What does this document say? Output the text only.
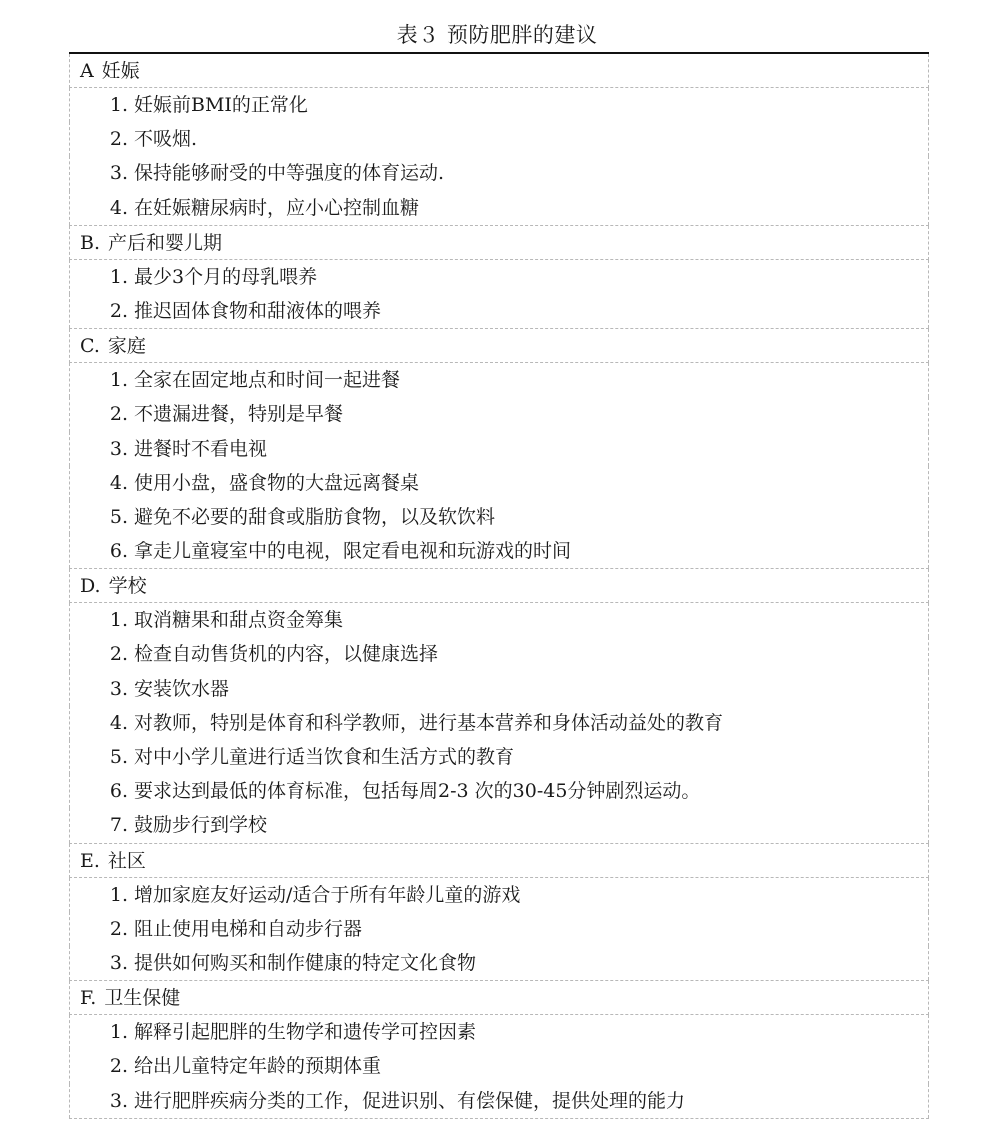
表３ 预防肥胖的建议
A 妊娠
1. 妊娠前BMI的正常化
2. 不吸烟.
3. 保持能够耐受的中等强度的体育运动.
4. 在妊娠糖尿病时，应小心控制血糖
B. 产后和婴儿期
1. 最少3个月的母乳喂养
2. 推迟固体食物和甜液体的喂养
C. 家庭
1. 全家在固定地点和时间一起进餐
2. 不遗漏进餐，特别是早餐
3. 进餐时不看电视
4. 使用小盘，盛食物的大盘远离餐桌
5. 避免不必要的甜食或脂肪食物，以及软饮料
6. 拿走儿童寝室中的电视，限定看电视和玩游戏的时间
D. 学校
1. 取消糖果和甜点资金筹集
2. 检查自动售货机的内容，以健康选择
3. 安装饮水器
4. 对教师，特别是体育和科学教师，进行基本营养和身体活动益处的教育
5. 对中小学儿童进行适当饮食和生活方式的教育
6. 要求达到最低的体育标准，包括每周2-3 次的30-45分钟剧烈运动。
7. 鼓励步行到学校
E. 社区
1. 增加家庭友好运动/适合于所有年龄儿童的游戏
2. 阻止使用电梯和自动步行器
3. 提供如何购买和制作健康的特定文化食物
F. 卫生保健
1. 解释引起肥胖的生物学和遗传学可控因素
2. 给出儿童特定年龄的预期体重
3. 进行肥胖疾病分类的工作，促进识别、有偿保健，提供处理的能力
